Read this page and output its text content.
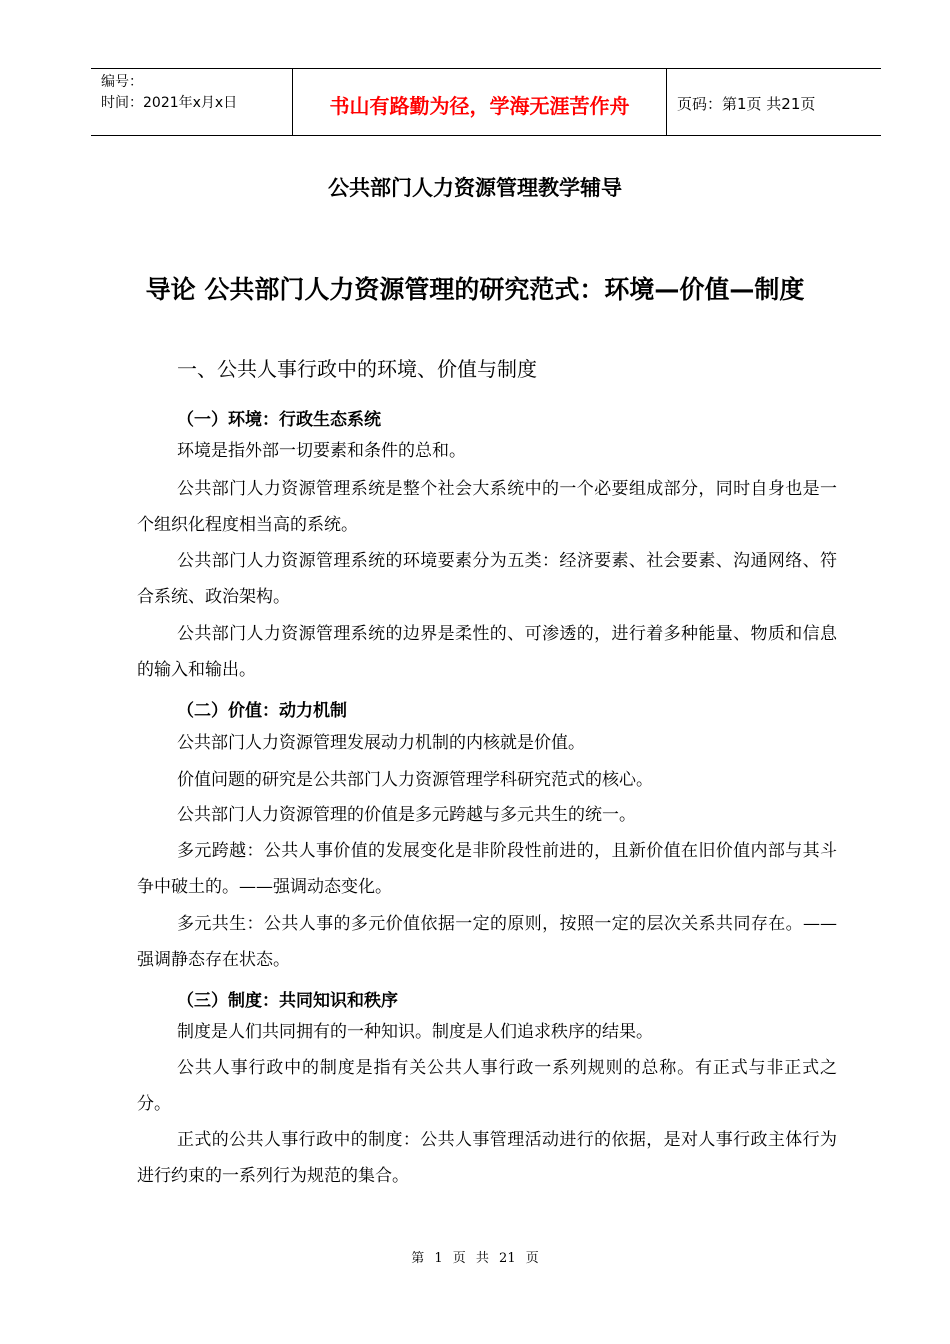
编号：
时间：2021年x月x日	书山有路勤为径，学海无涯苦作舟	页码：第1页 共21页
公共部门人力资源管理教学辅导
导论 公共部门人力资源管理的研究范式：环境—价值—制度
一、公共人事行政中的环境、价值与制度
（一）环境：行政生态系统
环境是指外部一切要素和条件的总和。
公共部门人力资源管理系统是整个社会大系统中的一个必要组成部分，同时自身也是一个组织化程度相当高的系统。
公共部门人力资源管理系统的环境要素分为五类：经济要素、社会要素、沟通网络、符合系统、政治架构。
公共部门人力资源管理系统的边界是柔性的、可渗透的，进行着多种能量、物质和信息的输入和输出。
（二）价值：动力机制
公共部门人力资源管理发展动力机制的内核就是价值。
价值问题的研究是公共部门人力资源管理学科研究范式的核心。
公共部门人力资源管理的价值是多元跨越与多元共生的统一。
多元跨越：公共人事价值的发展变化是非阶段性前进的，且新价值在旧价值内部与其斗争中破土的。——强调动态变化。
多元共生：公共人事的多元价值依据一定的原则，按照一定的层次关系共同存在。——强调静态存在状态。
（三）制度：共同知识和秩序
制度是人们共同拥有的一种知识。制度是人们追求秩序的结果。
公共人事行政中的制度是指有关公共人事行政一系列规则的总称。有正式与非正式之分。
正式的公共人事行政中的制度：公共人事管理活动进行的依据，是对人事行政主体行为进行约束的一系列行为规范的集合。
第 1 页 共 21 页
